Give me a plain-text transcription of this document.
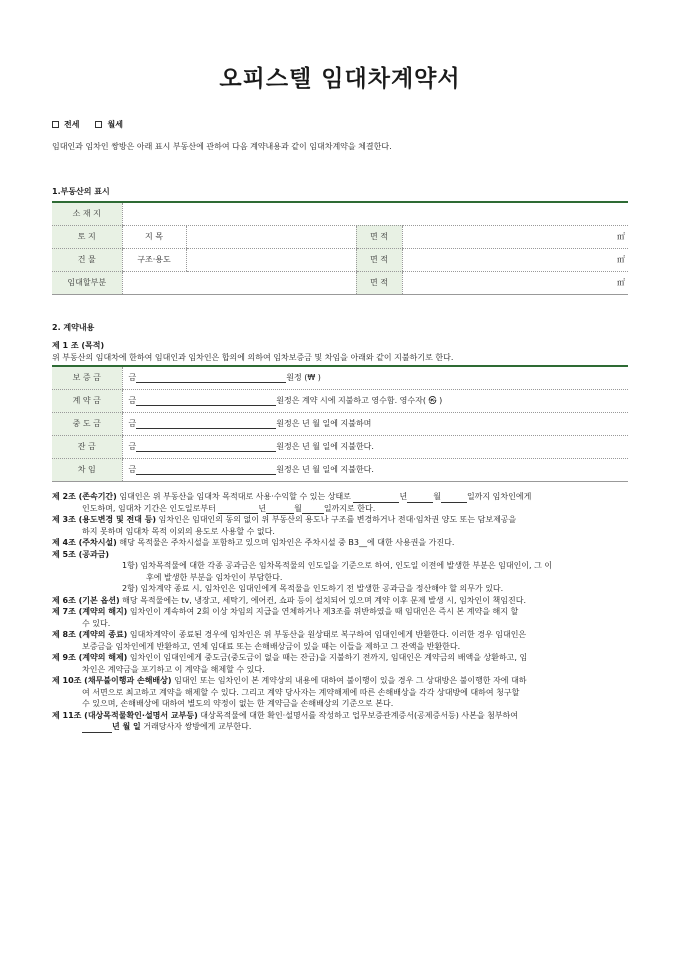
오피스텔 임대차계약서
전세	월세
임대인과 임차인 쌍방은 아래 표시 부동산에 관하여 다음 계약내용과 같이 임대차계약을 체결한다.
1.부동산의 표시
소 재 지				
토 지	지 목		면 적	㎡
건 물	구조·용도		면 적	㎡
임대할부분			면 적	㎡
2. 계약내용
제 1 조 (목적)
위 부동산의 임대차에 한하여 임대인과 임차인은 합의에 의하여 임차보증금 및 차임을 아래와 같이 지불하기로 한다.
보 증 금	금 원정 (₩ )
계 약 금	금 원정은 계약 시에 지불하고 영수함. 영수자( ㉿ )
중 도 금	금 원정은 년 월 일에 지불하며
잔 금	금 원정은 년 월 일에 지불한다.
차 임	금 원정은 년 월 일에 지불한다.
제 2조 (존속기간) 임대인은 위 부동산을 임대차 목적대로 사용·수익할 수 있는 상태로	년	월	일까지 임차인에게
인도하며, 임대차 기간은 인도일로부터	년	월	일까지로 한다.
제 3조 (용도변경 및 전대 등) 임차인은 임대인의 동의 없이 위 부동산의 용도나 구조를 변경하거나 전대·임차권 양도 또는 담보제공을
하지 못하며 임대차 목적 이외의 용도로 사용할 수 없다.
제 4조 (주차시설) 해당 목적물은 주차시설을 포함하고 있으며 임차인은 주차시설 중 B3__에 대한 사용권을 가진다.
제 5조 (공과금)
1항) 임차목적물에 대한 각종 공과금은 임차목적물의 인도일을 기준으로 하여, 인도일 이전에 발생한 부분은 임대인이, 그 이
후에 발생한 부분을 임차인이 부담한다.
2항) 임차계약 종료 시, 임차인은 임대인에게 목적물을 인도하기 전 발생한 공과금을 정산해야 할 의무가 있다.
제 6조 (기본 옵션) 해당 목적물에는 tv, 냉장고, 세탁기, 에어컨, 쇼파 등이 설치되어 있으며 계약 이후 문제 발생 시, 임차인이 책임진다.
제 7조 (계약의 해지) 임차인이 계속하여 2회 이상 차임의 지급을 연체하거나 제3조를 위반하였을 때 임대인은 즉시 본 계약을 해지 할
수 있다.
제 8조 (계약의 종료) 임대차계약이 종료된 경우에 임차인은 위 부동산을 원상태로 복구하여 임대인에게 반환한다. 이러한 경우 임대인은
보증금을 임차인에게 반환하고, 연체 임대료 또는 손해배상금이 있을 때는 이들을 제하고 그 잔액을 반환한다.
제 9조 (계약의 해제) 임차인이 임대인에게 중도금(중도금이 없을 때는 잔금)을 지불하기 전까지, 임대인은 계약금의 배액을 상환하고, 임
차인은 계약금을 포기하고 이 계약을 해제할 수 있다.
제 10조 (채무불이행과 손해배상) 임대인 또는 임차인이 본 계약상의 내용에 대하여 불이행이 있을 경우 그 상대방은 불이행한 자에 대하
여 서면으로 최고하고 계약을 해제할 수 있다. 그리고 계약 당사자는 계약해제에 따른 손해배상을 각각 상대방에 대하여 청구할
수 있으며, 손해배상에 대하여 별도의 약정이 없는 한 계약금을 손해배상의 기준으로 본다.
제 11조 (대상목적물확인·설명서 교부등) 대상목적물에 대한 확인·설명서를 작성하고 업무보증관계증서(공제증서등) 사본을 첨부하여
년 월 일 거래당사자 쌍방에게 교부한다.
